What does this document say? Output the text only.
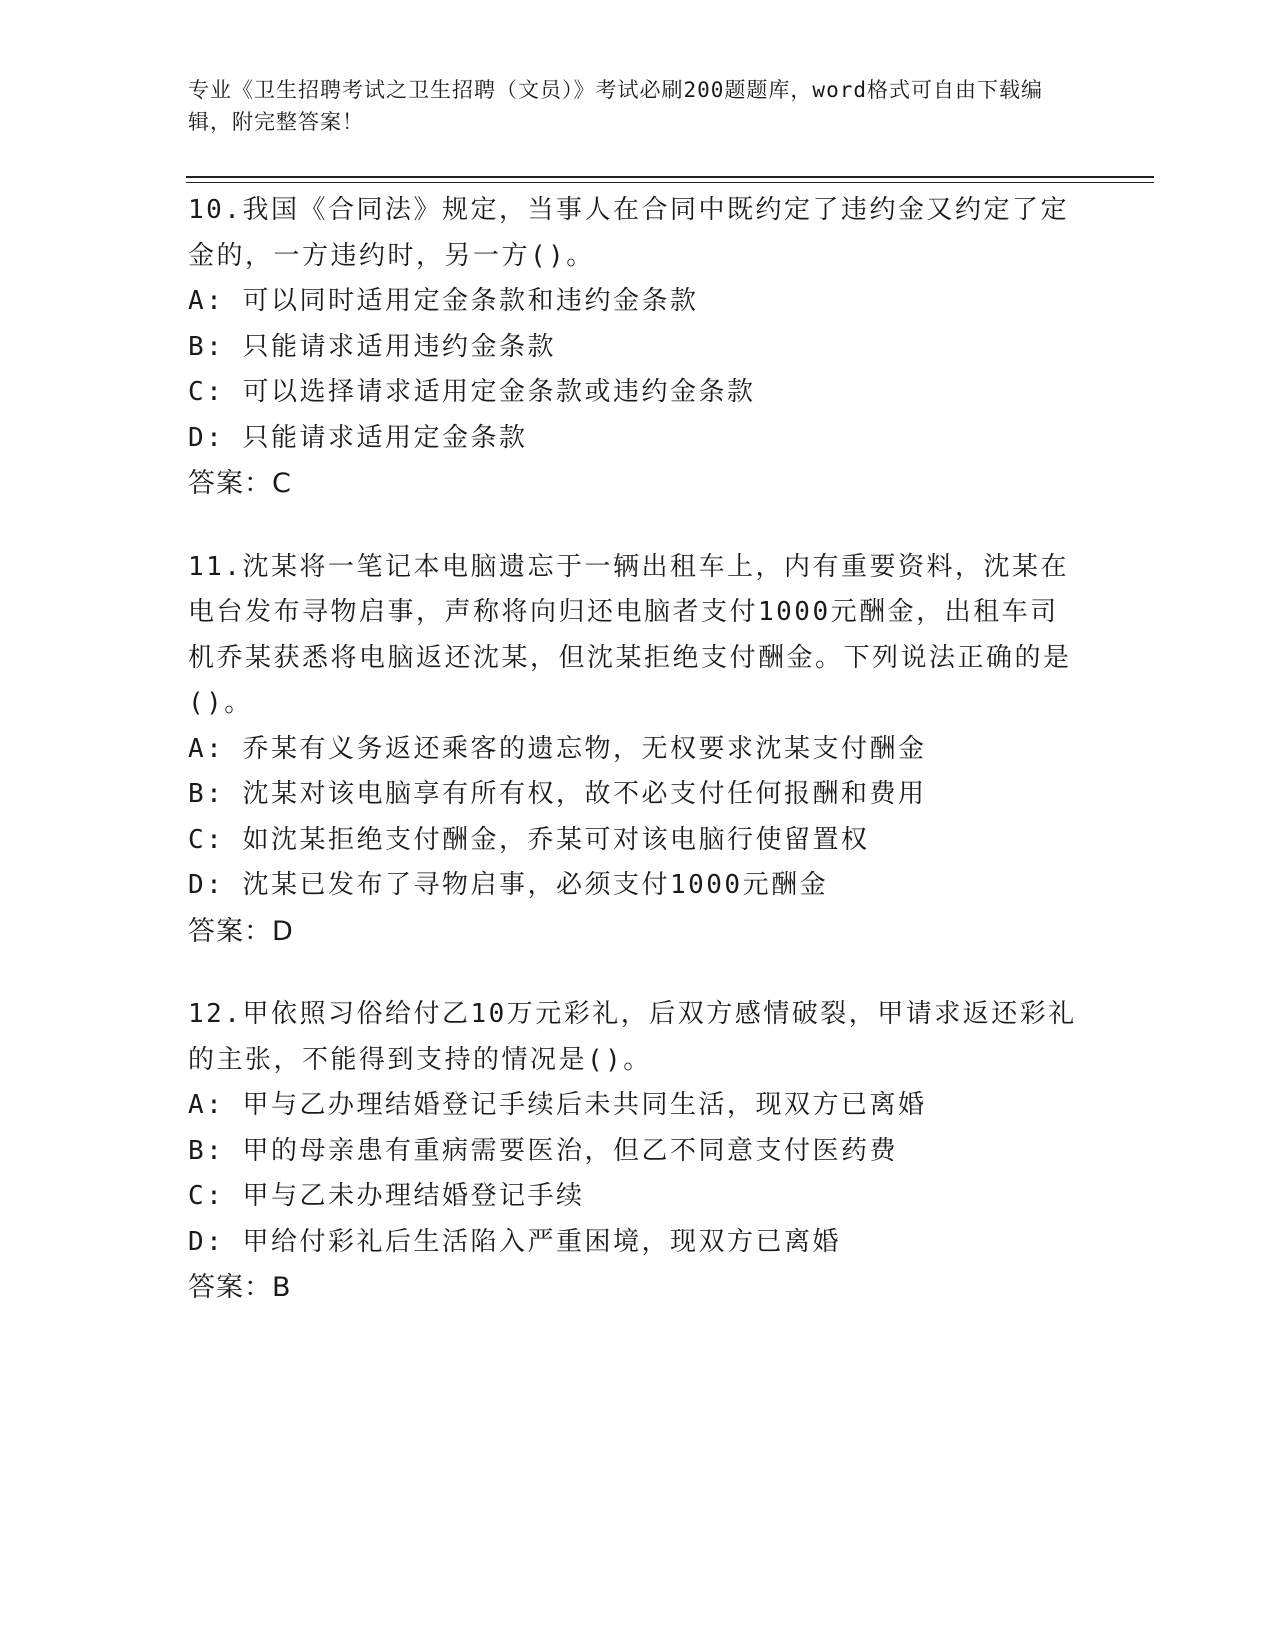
专业《卫生招聘考试之卫生招聘（文员）》考试必刷200题题库，word格式可自由下载编辑，附完整答案！

10.我国《合同法》规定，当事人在合同中既约定了违约金又约定了定金的，一方违约时，另一方()。

A: 可以同时适用定金条款和违约金条款

B: 只能请求适用违约金条款

C: 可以选择请求适用定金条款或违约金条款

D: 只能请求适用定金条款

答案：C

11.沈某将一笔记本电脑遗忘于一辆出租车上，内有重要资料，沈某在电台发布寻物启事，声称将向归还电脑者支付1000元酬金，出租车司机乔某获悉将电脑返还沈某，但沈某拒绝支付酬金。下列说法正确的是()。

A: 乔某有义务返还乘客的遗忘物，无权要求沈某支付酬金

B: 沈某对该电脑享有所有权，故不必支付任何报酬和费用

C: 如沈某拒绝支付酬金，乔某可对该电脑行使留置权

D: 沈某已发布了寻物启事，必须支付1000元酬金

答案：D

12.甲依照习俗给付乙10万元彩礼，后双方感情破裂，甲请求返还彩礼的主张，不能得到支持的情况是()。

A: 甲与乙办理结婚登记手续后未共同生活，现双方已离婚

B: 甲的母亲患有重病需要医治，但乙不同意支付医药费

C: 甲与乙未办理结婚登记手续

D: 甲给付彩礼后生活陷入严重困境，现双方已离婚

答案：B
